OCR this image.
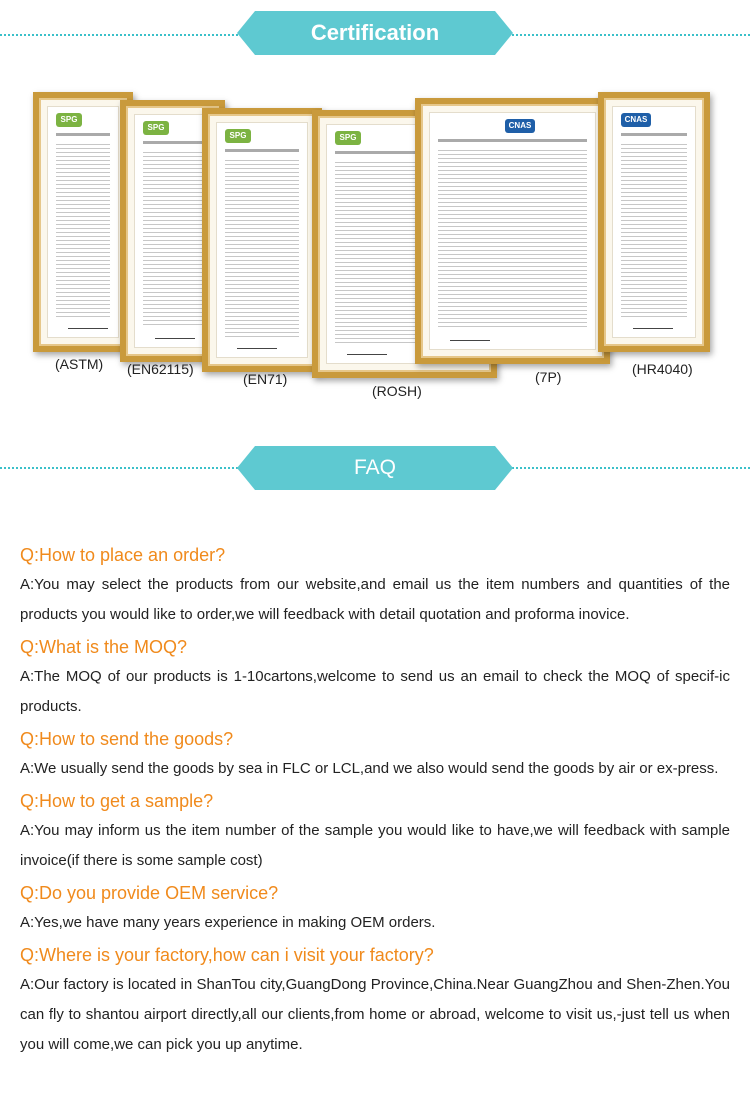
Certification
SPG
SPG
SPG	SPG
CNAS
CNAS
(ASTM) (EN62115)
(EN71)
(ROSH)
(7P)	(HR4040)
FAQ

Q:How to place an order?

A:You may select the products from our website,and email us the item numbers and quantities of the products you would like to order,we will feedback with detail quotation and proforma inovice.

Q:What is the MOQ?

A:The MOQ of our products is 1-10cartons,welcome to send us an email to check the MOQ of specif-ic products.

Q:How to send the goods?

A:We usually send the goods by sea in FLC or LCL,and we also would send the goods by air or ex-press.

Q:How to get a sample?

A:You may inform us the item number of the sample you would like to have,we will feedback with sample invoice(if there is some sample cost)

Q:Do you provide OEM service?

A:Yes,we have many years experience in making OEM orders.

Q:Where is your factory,how can i visit your factory?

A:Our factory is located in ShanTou city,GuangDong Province,China.Near GuangZhou and Shen-Zhen.You can fly to shantou airport directly,all our clients,from home or abroad, welcome to visit us,-just tell us when you will come,we can pick you up anytime.
